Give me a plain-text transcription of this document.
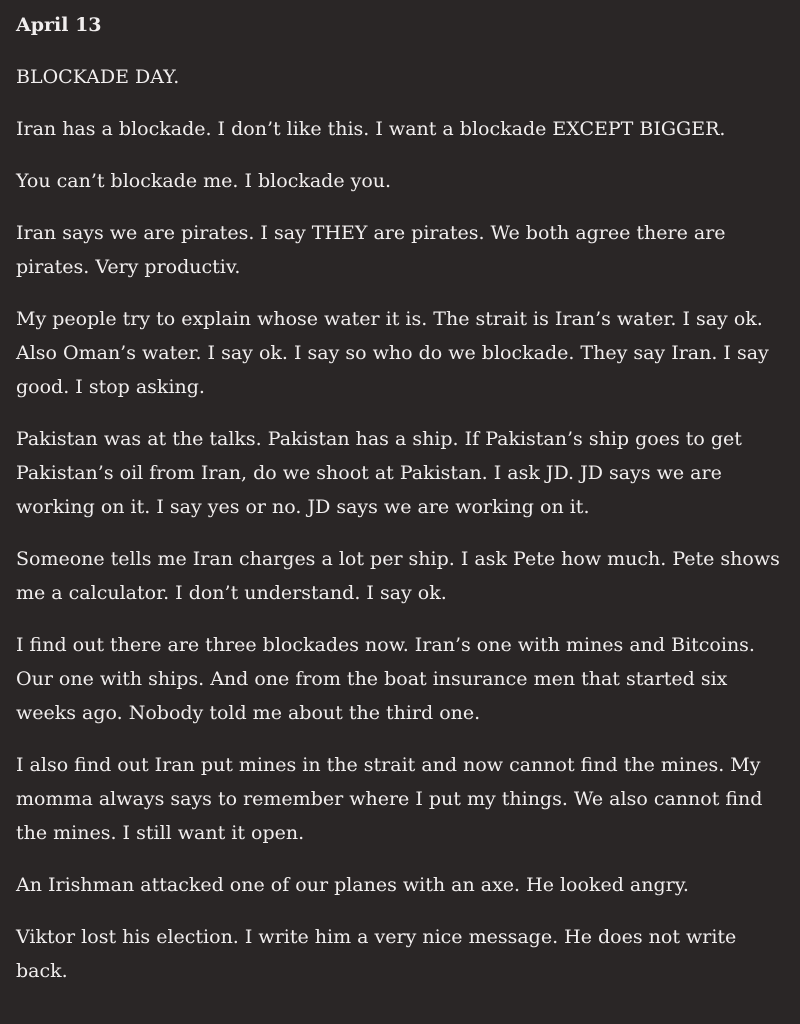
April 13

BLOCKADE DAY.

Iran has a blockade. I don’t like this. I want a blockade EXCEPT BIGGER.

You can’t blockade me. I blockade you.

Iran says we are pirates. I say THEY are pirates. We both agree there are pirates. Very productiv.

My people try to explain whose water it is. The strait is Iran’s water. I say ok. Also Oman’s water. I say ok. I say so who do we blockade. They say Iran. I say good. I stop asking.

Pakistan was at the talks. Pakistan has a ship. If Pakistan’s ship goes to get Pakistan’s oil from Iran, do we shoot at Pakistan. I ask JD. JD says we are working on it. I say yes or no. JD says we are working on it.

Someone tells me Iran charges a lot per ship. I ask Pete how much. Pete shows me a calculator. I don’t understand. I say ok.

I find out there are three blockades now. Iran’s one with mines and Bitcoins. Our one with ships. And one from the boat insurance men that started six weeks ago. Nobody told me about the third one.

I also find out Iran put mines in the strait and now cannot find the mines. My momma always says to remember where I put my things. We also cannot find the mines. I still want it open.

An Irishman attacked one of our planes with an axe. He looked angry.

Viktor lost his election. I write him a very nice message. He does not write back.
